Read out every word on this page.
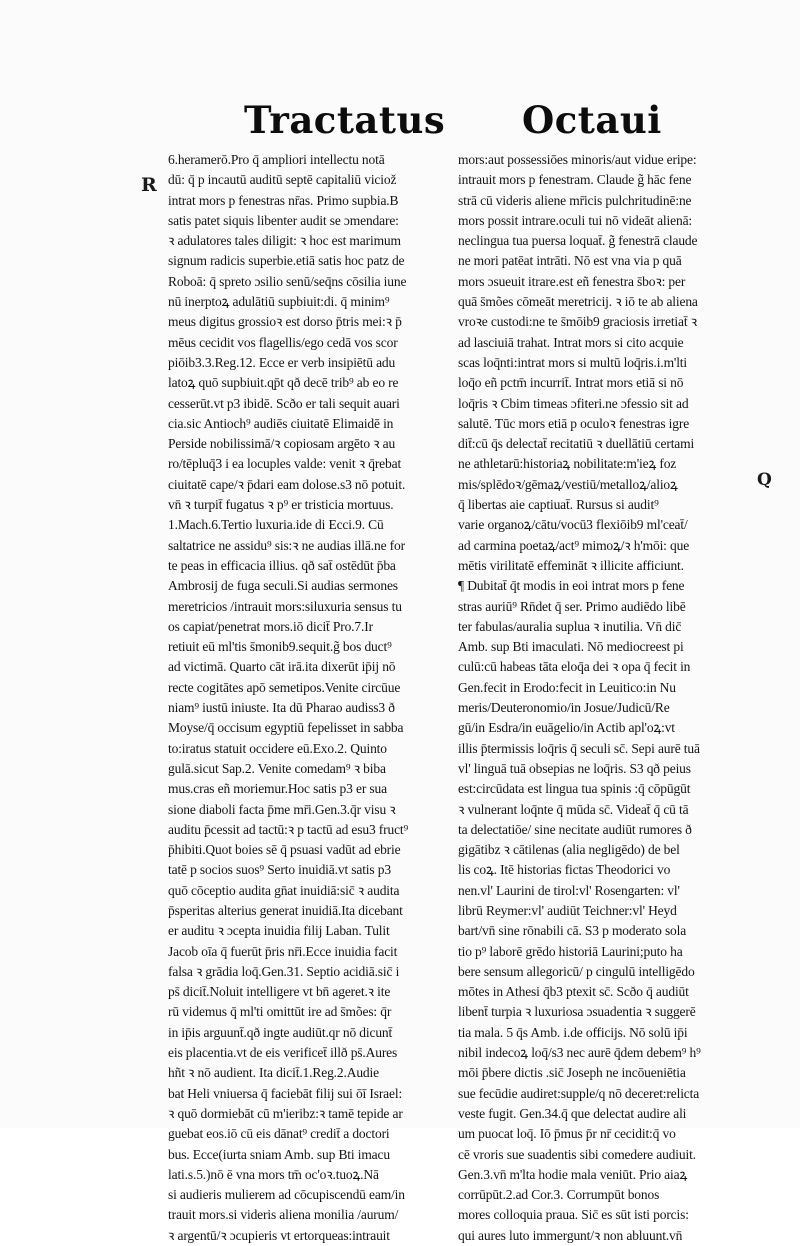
Tractatus Octaui
R
Q
6.heramerō.Pro q̄ ampliori intellectu notā
dū: q̄ p incautū auditū septē capitaliū viciož
intrat mors p fenestras nr̄as. Primo supbia.B
satis patet siquis libenter audit se ɔmendare:
ꝛ adulatores tales diligit: ꝛ hoc est marimum
signum radicis superbie.etiā satis hoc patz de
Roboā: q̄ spreto ɔsilio senū/seq̄ns cōsilia iune
nū inerptoꝝ adulātiū supbiuit:di. q̄ minim⁹
meus digitus grossioꝛ est dorso p̄tris mei:ꝛ p̄
mēus cecidit vos flagellis/ego cedā vos scor
piōib3.3.Reg.12. Ecce er verb insipiētū adu
latoꝝ quō supbiuit.ɋp̄t qð decē trib⁹ ab eo re
cesserūt.vt p3 ibidē. Scðo er tali sequit auari
cia.sic Antioch⁹ audiēs ciuitatē Elimaidē in
Perside nobilissimā/ꝛ copiosam argēto ꝛ au
ro/tēpluq̄3 i ea locuples valde: venit ꝛ q̄rebat
ciuitatē cape/ꝛ p̄dari eam dolose.s3 nō potuit.
vn̄ ꝛ turpit̄ fugatus ꝛ p⁹ er tristicia mortuus.
1.Mach.6.Tertio luxuria.ide di Ecci.9. Cū
saltatrice ne assidu⁹ sis:ꝛ ne audias illā.ne for
te peas in efficacia illius. qð sat̄ ostēdūt p̄ba
Ambrosij de fuga seculi.Si audias sermones
meretricios /intrauit mors:siluxuria sensus tu
os capiat/penetrat mors.iō dicit̄ Pro.7.Ir
retiuit eū ml'tis s̄monib9.sequit.g̃ bos duct⁹
ad victimā. Quarto cāt irā.ita dixerūt ip̄ij nō
recte cogitātes apō semetipos.Venite circūue
niam⁹ iustū iniuste. Ita dū Pharao audiss3 ð
Moyse/q̄ occisum egyptiū fepelisset in sabba
to:iratus statuit occidere eū.Exo.2. Quinto
gulā.sicut Sap.2. Venite comedam⁹ ꝛ biba
mus.cras eñ moriemur.Hoc satis p3 er sua
sione diaboli facta p̄me mr̄i.Gen.3.q̄r visu ꝛ
auditu p̄cessit ad tactū:ꝛ p tactū ad esu3 fruct⁹
p̄hibiti.Quot boies sē q̄ psuasi vadūt ad ebrie
tatē p socios suos⁹ Serto inuidiā.vt satis p3
quō cōceptio audita gn̄at inuidiā:sic̄ ꝛ audita
p̄speritas alterius generat inuidiā.Ita dicebant
er auditu ꝛ ɔcepta inuidia filij Laban. Tulit
Jacob oīa q̄ fuerūt p̄ris nr̄i.Ecce inuidia facit
falsa ꝛ grādia loq̄.Gen.31. Septio acidiā.sic̄ i
ps̄ dicit̄.Noluit intelligere vt bn̄ ageret.ꝛ ite
rū videmus q̄ ml'ti omittūt ire ad s̄mões: q̄r
in ip̄is arguunt̄.qð ingte audiūt.qr nō dicunt̄
eis placentia.vt de eis verificet̄ illð ps̄.Aures
hñt ꝛ nō audient. Ita dicit̄.1.Reg.2.Audie
bat Heli vniuersa q̄ faciebāt filij sui ōī Israel:
ꝛ quō dormiebāt cū m'ieribz:ꝛ tamē tepide ar
guebat eos.iō cū eis dānat⁹ credit̄ a doctori
bus. Ecce(iurta sniam Amb. sup Bti imacu
lati.s.5.)nō ē vna mors tm̄ oc'oꝛ.tuoꝝ.Nā
si audieris mulierem ad cōcupiscendū eam/in
trauit mors.si videris aliena monilia /aurum/
ꝛ argentū/ꝛ ɔcupieris vt ertorqueas:intrauit
mors:aut possessiōes minoris/aut vidue eripe:
intrauit mors p fenestram. Claude g̃ hāc fene
strā cū videris aliene mr̄icis pulchritudinē:ne
mors possit intrare.oculi tui nō videāt alienā:
neclingua tua puersa loquat̄. g̃ fenestrā claude
ne mori patēat intrāti. Nō est vna via p quā
mors ɔsueuit itrare.est eñ fenestra s̄boꝛ: per
quā s̄mões cōmeāt meretricij. ꝛ iō te ab aliena
vroꝛe custodi:ne te s̄mōib9 graciosis irretiat̄ ꝛ
ad lasciuiā trahat. Intrat mors si cito acquie
scas loq̄nti:intrat mors si multū loq̄ris.i.m'lti
loq̄o eñ pctm̄ incurrit̄. Intrat mors etiā si nō
loq̄ris ꝛ Cbim timeas ɔfiteri.ne ɔfessio sit ad
salutē. Tūc mors etiā p oculoꝛ fenestras igre
dit̄:cū q̄s delectat̄ recitatiū ꝛ duellātiū certami
ne athletarū:historiaꝝ nobilitate:m'ieꝝ foz
mis/splēdoꝛ/gēmaꝝ/vestiū/metalloꝝ/alioꝝ
q̄ libertas aie captiuat̄. Rursus si audit⁹
varie organoꝝ/cātu/vocū3 flexiōib9 ml'ceat̄/
ad carmina poetaꝝ/act⁹ mimoꝝ/ꝛ h'mōi: que
mētis virilitatē effemināt ꝛ illicite afficiunt.
¶ Dubitat̄ q̄t modis in eoi intrat mors p fene
stras auriū⁹ Rn̄det q̄ ser. Primo audiēdo libē
ter fabulas/auralia suplua ꝛ inutilia. Vn̄ dic̄
Amb. sup Bti imaculati. Nō mediocreest pi
culū:cū habeas tāta eloq̄a dei ꝛ opa q̄ fecit in
Gen.fecit in Erodo:fecit in Leuitico:in Nu
meris/Deuteronomio/in Josue/Judicū/Re
gū/in Esdra/in euāgelio/in Actib apl'oꝝ:vt
illis p̄termissis loq̄ris q̄ seculi sc̄. Sepi aurē tuā
vl' linguā tuā obsepias ne loq̄ris. S3 qð peius
est:circūdata est lingua tua spinis :q̄ cōpūgūt
ꝛ vulnerant loq̄nte q̄ mūda sc̄. Videat̄ q̄ cū tā
ta delectatiōe/ sine necitate audiūt rumores ð
gigātibz ꝛ cātilenas (alia negligēdo) de bel
lis coꝝ. Itē historias fictas Theodorici vo
nen.vl' Laurini de tirol:vl' Rosengarten: vl'
librū Reymer:vl' audiūt Teichner:vl' Heyd
bart/vn̄ sine rōnabili cā. S3 p moderato sola
tio p⁹ laborē grēdo historiā Laurini;puto ha
bere sensum allegoricū/ p cingulū intelligēdo
mōtes in Athesi q̄b3 ptexit sc̄. Scðo q̄ audiūt
libent̄ turpia ꝛ luxuriosa ɔsuadentia ꝛ suggerē
tia mala. 5 q̄s Amb. i.de officijs. Nō solū ip̄i
nibil indecoꝝ loq̄/s3 nec aurē q̄dem debem⁹ h⁹
mōi p̄bere dictis .sic̄ Joseph ne incōueniētia
sue fecūdie audiret:supple/q nō deceret:relicta
veste fugit. Gen.34.q̄ que delectat audire ali
um puocat loq̄. Iō p̄mus p̄r nr̄ cecidit:q̄ vo
cē vroris sue suadentis sibi comedere audiuit.
Gen.3.vn̄ m'lta hodie mala veniūt. Prio aiaꝝ
corrūpūt.2.ad Cor.3. Corrumpūt bonos
mores colloquia praua. Sic̄ es sūt isti porcis:
qui aures luto immergunt/ꝛ non abluunt.vn̄
